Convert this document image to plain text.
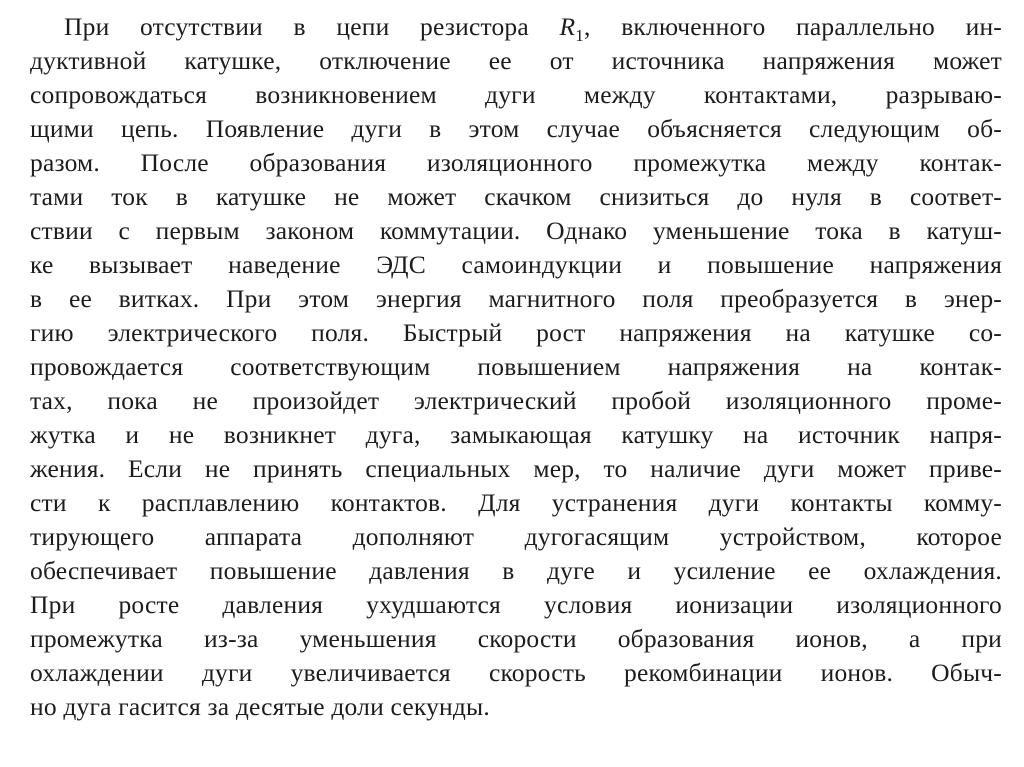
При отсутствии в цепи резистора $R_1$, включенного параллельно ин-
дуктивной катушке, отключение ее от источника напряжения может
сопровождаться возникновением дуги между контактами, разрываю-
щими цепь. Появление дуги в этом случае объясняется следующим об-
разом. После образования изоляционного промежутка между контак-
тами ток в катушке не может скачком снизиться до нуля в соответ-
ствии с первым законом коммутации. Однако уменьшение тока в катуш-
ке вызывает наведение ЭДС самоиндукции и повышение напряжения
в ее витках. При этом энергия магнитного поля преобразуется в энер-
гию электрического поля. Быстрый рост напряжения на катушке со-
провождается соответствующим повышением напряжения на контак-
тах, пока не произойдет электрический пробой изоляционного проме-
жутка и не возникнет дуга, замыкающая катушку на источник напря-
жения. Если не принять специальных мер, то наличие дуги может приве-
сти к расплавлению контактов. Для устранения дуги контакты комму-
тирующего аппарата дополняют дугогасящим устройством, которое
обеспечивает повышение давления в дуге и усиление ее охлаждения.
При росте давления ухудшаются условия ионизации изоляционного
промежутка из-за уменьшения скорости образования ионов, а при
охлаждении дуги увеличивается скорость рекомбинации ионов. Обыч-
но дуга гасится за десятые доли секунды.
